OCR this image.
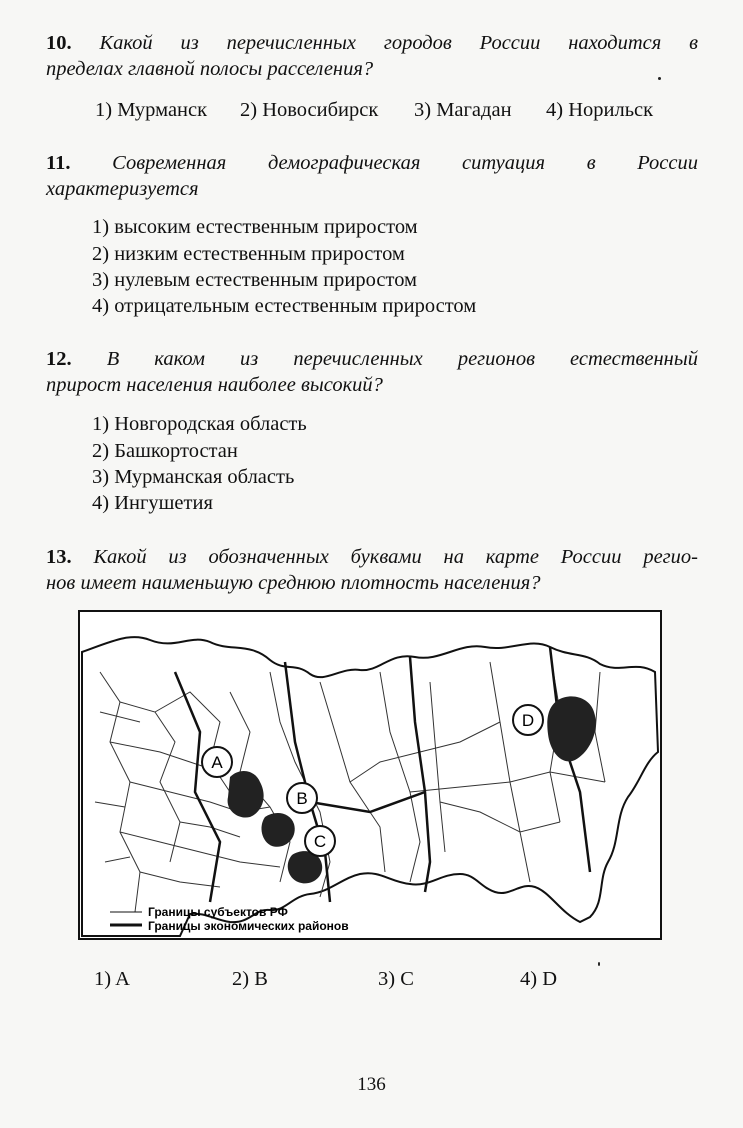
10. Какой из перечисленных городов России находится в
пределах главной полосы расселения?
1) Мурманск 2) Новосибирск 3) Магадан 4) Норильск
11. Современная демографическая ситуация в России
характеризуется
1) высоким естественным приростом
2) низким естественным приростом
3) нулевым естественным приростом
4) отрицательным естественным приростом
12. В каком из перечисленных регионов естественный
прирост населения наиболее высокий?
1) Новгородская область
2) Башкортостан
3) Мурманская область
4) Ингушетия
13. Какой из обозначенных буквами на карте России регио-
нов имеет наименьшую среднюю плотность населения?
A
B
C
D
Границы субъектов РФ
Границы экономических районов
1) A	2) B	3) C	4) D
136
